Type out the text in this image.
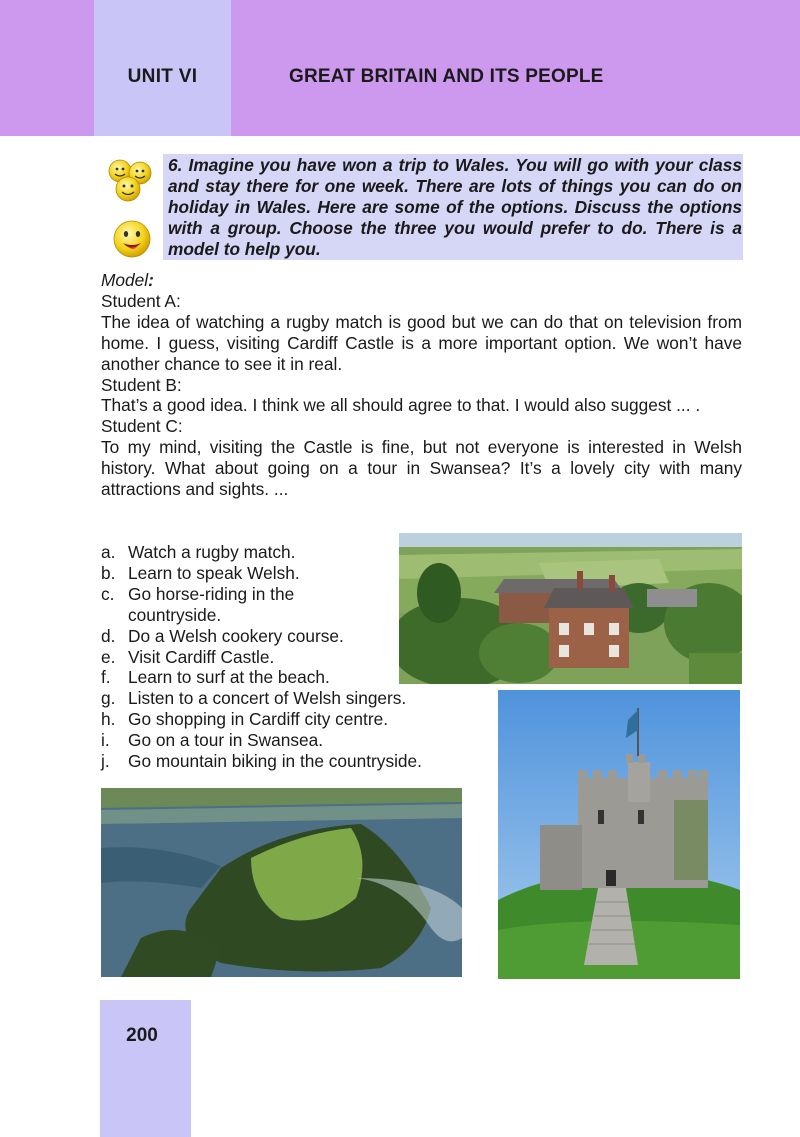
UNIT VI	GREAT BRITAIN AND ITS PEOPLE

6. Imagine you have won a trip to Wales. You will go with your class and stay there for one week. There are lots of things you can do on holiday in Wales. Here are some of the options. Discuss the options with a group. Choose the three you would prefer to do. There is a model to help you.

Model:

Student A:

The idea of watching a rugby match is good but we can do that on television from home. I guess, visiting Cardiff Castle is a more important option. We won’t have another chance to see it in real.

Student B:

That’s a good idea. I think we all should agree to that. I would also suggest ... .

Student C:

To my mind, visiting the Castle is fine, but not everyone is interested in Welsh history. What about going on a tour in Swansea? It’s a lovely city with many attractions and sights. ...

a. Watch a rugby match.
b. Learn to speak Welsh.
c. Go horse-riding in the countryside.
d. Do a Welsh cookery course.
e. Visit Cardiff Castle.
f.	Learn to surf at the beach.
g. Listen to a concert of Welsh singers.
h. Go shopping in Cardiff city centre.
i.	Go on a tour in Swansea.
j.	Go mountain biking in the countryside.
200
